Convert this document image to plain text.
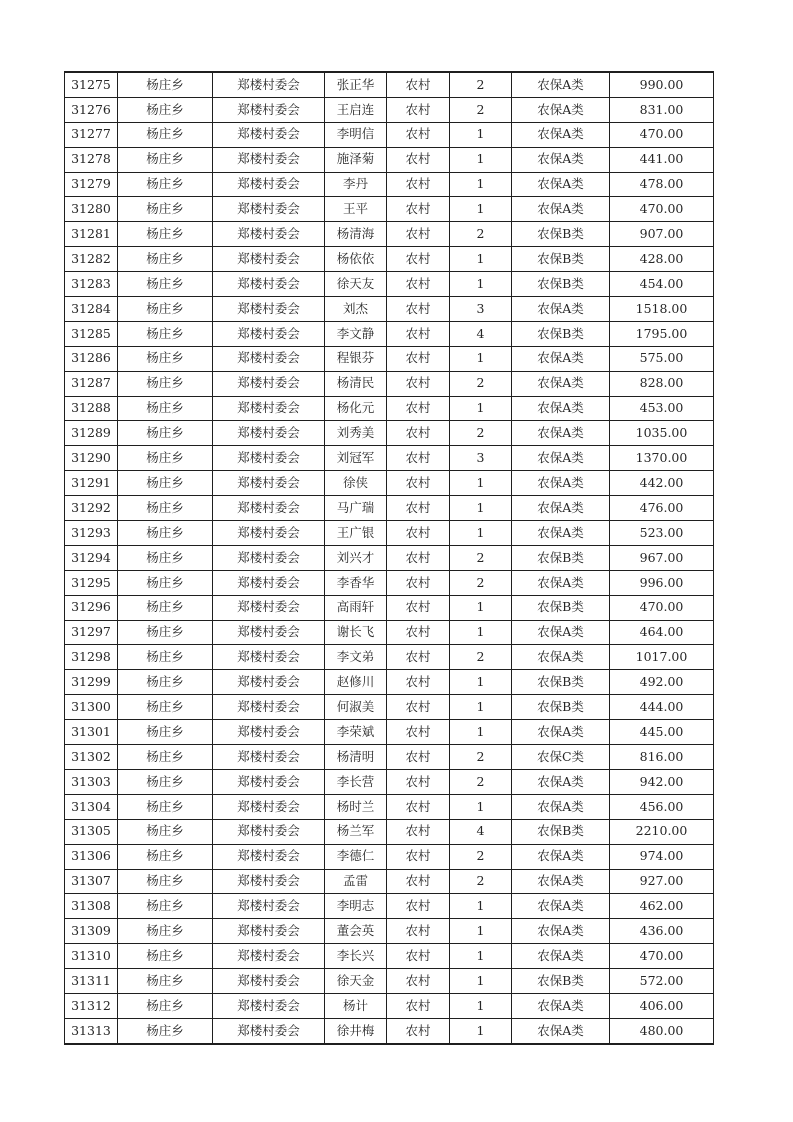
31275	杨庄乡	郑楼村委会	张正华	农村	2	农保A类	990.00
31276	杨庄乡	郑楼村委会	王启连	农村	2	农保A类	831.00
31277	杨庄乡	郑楼村委会	李明信	农村	1	农保A类	470.00
31278	杨庄乡	郑楼村委会	施泽菊	农村	1	农保A类	441.00
31279	杨庄乡	郑楼村委会	李丹	农村	1	农保A类	478.00
31280	杨庄乡	郑楼村委会	王平	农村	1	农保A类	470.00
31281	杨庄乡	郑楼村委会	杨清海	农村	2	农保B类	907.00
31282	杨庄乡	郑楼村委会	杨依依	农村	1	农保B类	428.00
31283	杨庄乡	郑楼村委会	徐天友	农村	1	农保B类	454.00
31284	杨庄乡	郑楼村委会	刘杰	农村	3	农保A类	1518.00
31285	杨庄乡	郑楼村委会	李文静	农村	4	农保B类	1795.00
31286	杨庄乡	郑楼村委会	程银芬	农村	1	农保A类	575.00
31287	杨庄乡	郑楼村委会	杨清民	农村	2	农保A类	828.00
31288	杨庄乡	郑楼村委会	杨化元	农村	1	农保A类	453.00
31289	杨庄乡	郑楼村委会	刘秀美	农村	2	农保A类	1035.00
31290	杨庄乡	郑楼村委会	刘冠军	农村	3	农保A类	1370.00
31291	杨庄乡	郑楼村委会	徐侠	农村	1	农保A类	442.00
31292	杨庄乡	郑楼村委会	马广瑞	农村	1	农保A类	476.00
31293	杨庄乡	郑楼村委会	王广银	农村	1	农保A类	523.00
31294	杨庄乡	郑楼村委会	刘兴才	农村	2	农保B类	967.00
31295	杨庄乡	郑楼村委会	李香华	农村	2	农保A类	996.00
31296	杨庄乡	郑楼村委会	高雨轩	农村	1	农保B类	470.00
31297	杨庄乡	郑楼村委会	谢长飞	农村	1	农保A类	464.00
31298	杨庄乡	郑楼村委会	李文弟	农村	2	农保A类	1017.00
31299	杨庄乡	郑楼村委会	赵修川	农村	1	农保B类	492.00
31300	杨庄乡	郑楼村委会	何淑美	农村	1	农保B类	444.00
31301	杨庄乡	郑楼村委会	李荣斌	农村	1	农保A类	445.00
31302	杨庄乡	郑楼村委会	杨清明	农村	2	农保C类	816.00
31303	杨庄乡	郑楼村委会	李长营	农村	2	农保A类	942.00
31304	杨庄乡	郑楼村委会	杨时兰	农村	1	农保A类	456.00
31305	杨庄乡	郑楼村委会	杨兰军	农村	4	农保B类	2210.00
31306	杨庄乡	郑楼村委会	李德仁	农村	2	农保A类	974.00
31307	杨庄乡	郑楼村委会	孟雷	农村	2	农保A类	927.00
31308	杨庄乡	郑楼村委会	李明志	农村	1	农保A类	462.00
31309	杨庄乡	郑楼村委会	董会英	农村	1	农保A类	436.00
31310	杨庄乡	郑楼村委会	李长兴	农村	1	农保A类	470.00
31311	杨庄乡	郑楼村委会	徐天金	农村	1	农保B类	572.00
31312	杨庄乡	郑楼村委会	杨计	农村	1	农保A类	406.00
31313	杨庄乡	郑楼村委会	徐井梅	农村	1	农保A类	480.00
